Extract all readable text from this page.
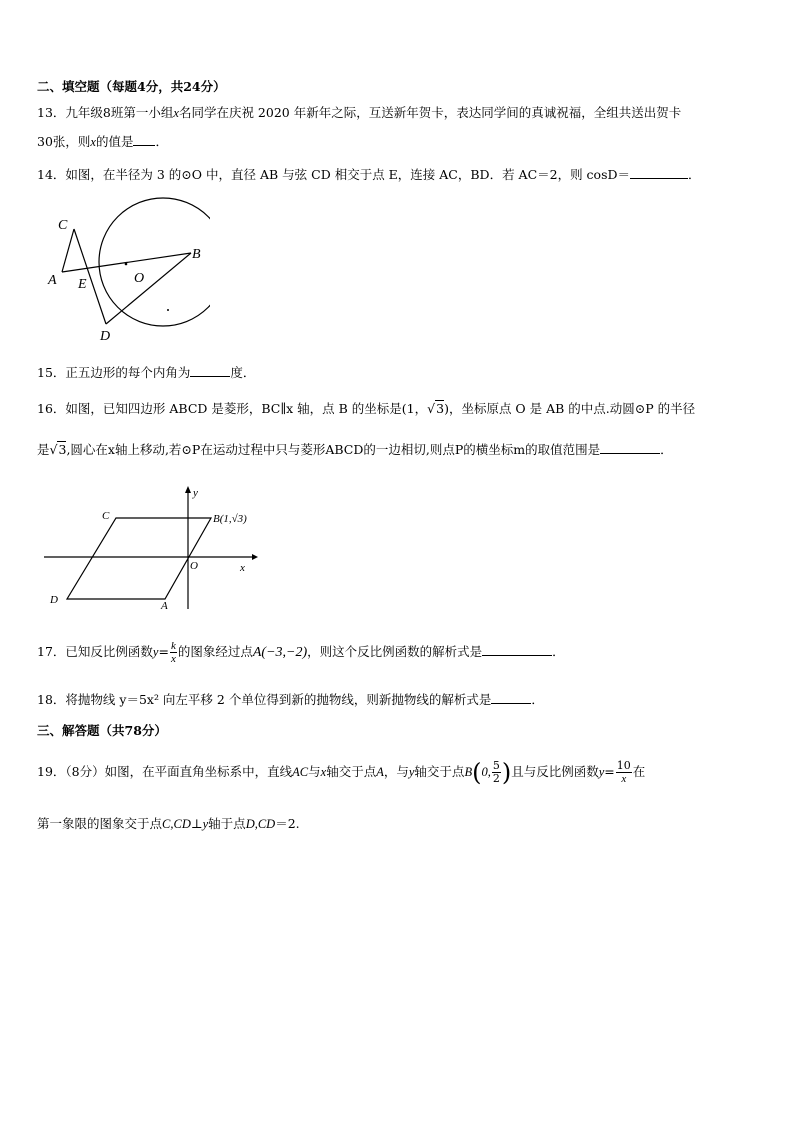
二、填空题（每题4分，共24分）
13．九年级8班第一小组x名同学在庆祝 2020 年新年之际，互送新年贺卡，表达同学间的真诚祝福，全组共送出贺卡
30张，则x的值是 ．
14．如图，在半径为 3 的⊙O 中，直径 AB 与弦 CD 相交于点 E，连接 AC，BD．若 AC＝2，则 cosD＝	．
C
A E	O
B
D
15．正五边形的每个内角为	度．
16．如图，已知四边形 ABCD 是菱形，BC∥x 轴，点 B 的坐标是(1，√3)，坐标原点 O 是 AB 的中点.动圆⊙P 的半径
是√3,圆心在x轴上移动,若⊙P在运动过程中只与菱形ABCD的一边相切,则点P的横坐标m的取值范围是	．
C	B(1,√3)
D	A
O	x
y
17．已知反比例函数$y= \frac{k}{x}$ 的图象经过点A(−3,−2)，则这个反比例函数的解析式是	．
18．将抛物线 y＝5x² 向左平移 2 个单位得到新的抛物线，则新抛物线的解析式是	．
三、解答题（共78分）
19．（8分）如图，在平面直角坐标系中，直线AC与x轴交于点A，与y轴交于点B(0, $\frac{5}{2}$ )且与反比例函数$y= \frac{10}{x}$ 在
第一象限的图象交于点C,CD⊥y轴于点D,CD＝2.
